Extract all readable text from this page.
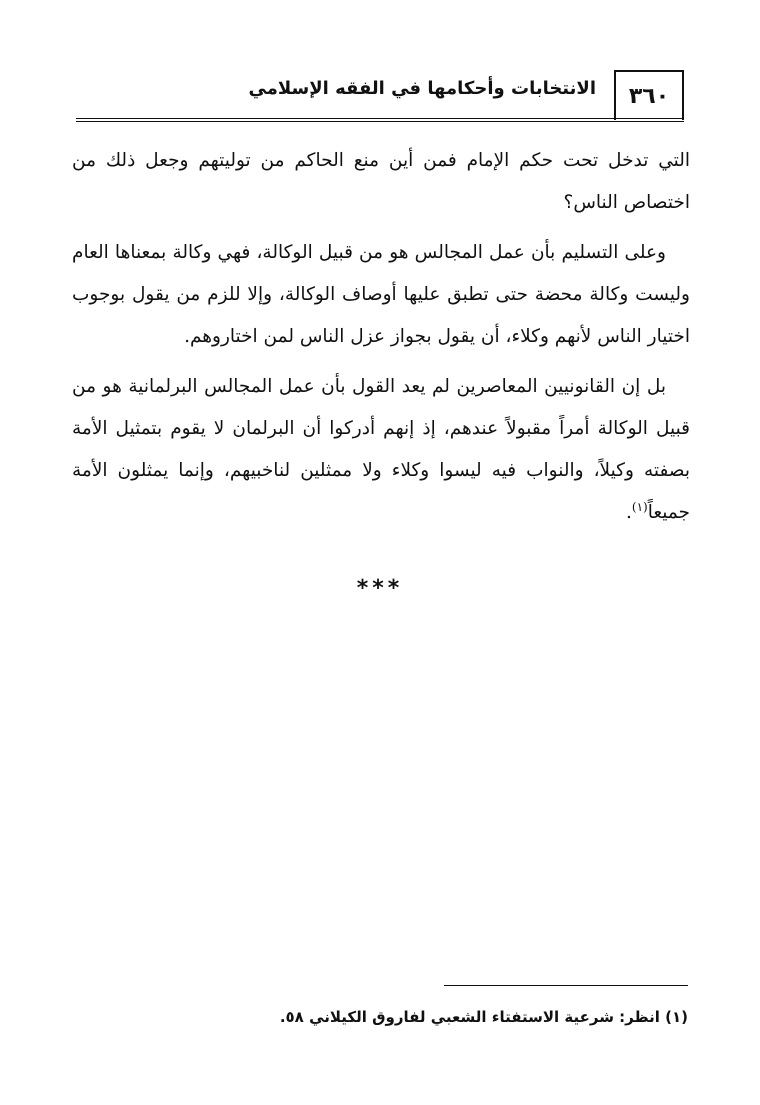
٣٦٠
الانتخابات وأحكامها في الفقه الإسلامي

التي تدخل تحت حكم الإمام فمن أين منع الحاكم من توليتهم وجعل ذلك من اختصاص الناس؟

وعلى التسليم بأن عمل المجالس هو من قبيل الوكالة، فهي وكالة بمعناها العام وليست وكالة محضة حتى تطبق عليها أوصاف الوكالة، وإلا للزم من يقول بوجوب اختيار الناس لأنهم وكلاء، أن يقول بجواز عزل الناس لمن اختاروهم.

بل إن القانونيين المعاصرين لم يعد القول بأن عمل المجالس البرلمانية هو من قبيل الوكالة أمراً مقبولاً عندهم، إذ إنهم أدركوا أن البرلمان لا يقوم بتمثيل الأمة بصفته وكيلاً، والنواب فيه ليسوا وكلاء ولا ممثلين لناخبيهم، وإنما يمثلون الأمة جميعاً$^{(١)}$.

***
(١) انظر: شرعية الاستفتاء الشعبي لفاروق الكيلاني ٥٨.
